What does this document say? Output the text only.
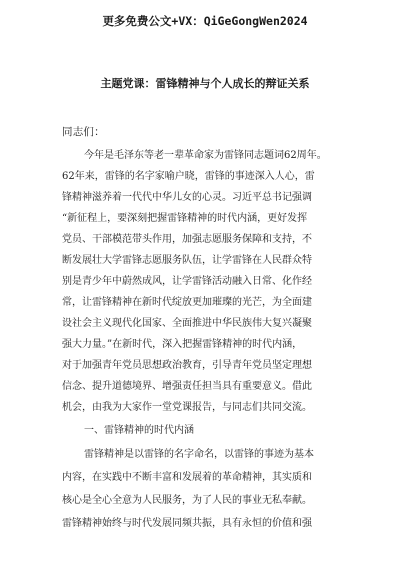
更多免费公文+VX：QiGeGongWen2024
主题党课：雷锋精神与个人成长的辩证关系
同志们：
今年是毛泽东等老一辈革命家为雷锋同志题词62周年。
62年来，雷锋的名字家喻户晓，雷锋的事迹深入人心，雷
锋精神滋养着一代代中华儿女的心灵。习近平总书记强调
“新征程上，要深刻把握雷锋精神的时代内涵，更好发挥
党员、干部模范带头作用，加强志愿服务保障和支持，不
断发展壮大学雷锋志愿服务队伍，让学雷锋在人民群众特
别是青少年中蔚然成风，让学雷锋活动融入日常、化作经
常，让雷锋精神在新时代绽放更加璀璨的光芒，为全面建
设社会主义现代化国家、全面推进中华民族伟大复兴凝聚
强大力量。”在新时代，深入把握雷锋精神的时代内涵，
对于加强青年党员思想政治教育，引导青年党员坚定理想
信念、提升道德境界、增强责任担当具有重要意义。借此
机会，由我为大家作一堂党课报告，与同志们共同交流。
一、雷锋精神的时代内涵
雷锋精神是以雷锋的名字命名，以雷锋的事迹为基本
内容，在实践中不断丰富和发展着的革命精神，其实质和
核心是全心全意为人民服务，为了人民的事业无私奉献。
雷锋精神始终与时代发展同频共振，具有永恒的价值和强
